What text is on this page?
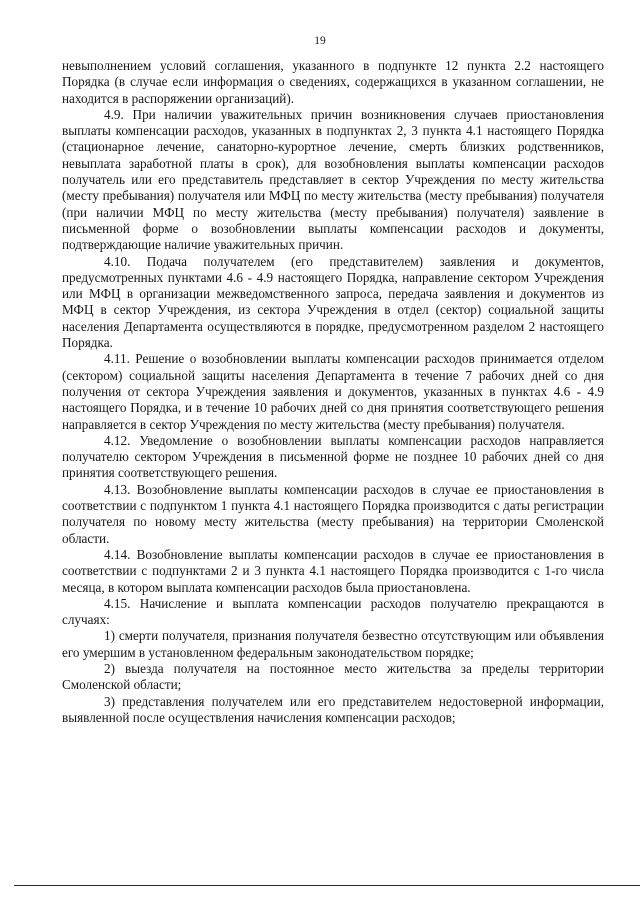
19

невыполнением условий соглашения, указанного в подпункте 12 пункта 2.2 настоящего Порядка (в случае если информация о сведениях, содержащихся в указанном соглашении, не находится в распоряжении организаций).

4.9. При наличии уважительных причин возникновения случаев приостановления выплаты компенсации расходов, указанных в подпунктах 2, 3 пункта 4.1 настоящего Порядка (стационарное лечение, санаторно-курортное лечение, смерть близких родственников, невыплата заработной платы в срок), для возобновления выплаты компенсации расходов получатель или его представитель представляет в сектор Учреждения по месту жительства (месту пребывания) получателя или МФЦ по месту жительства (месту пребывания) получателя (при наличии МФЦ по месту жительства (месту пребывания) получателя) заявление в письменной форме о возобновлении выплаты компенсации расходов и документы, подтверждающие наличие уважительных причин.

4.10. Подача получателем (его представителем) заявления и документов, предусмотренных пунктами 4.6 - 4.9 настоящего Порядка, направление сектором Учреждения или МФЦ в организации межведомственного запроса, передача заявления и документов из МФЦ в сектор Учреждения, из сектора Учреждения в отдел (сектор) социальной защиты населения Департамента осуществляются в порядке, предусмотренном разделом 2 настоящего Порядка.

4.11. Решение о возобновлении выплаты компенсации расходов принимается отделом (сектором) социальной защиты населения Департамента в течение 7 рабочих дней со дня получения от сектора Учреждения заявления и документов, указанных в пунктах 4.6 - 4.9 настоящего Порядка, и в течение 10 рабочих дней со дня принятия соответствующего решения направляется в сектор Учреждения по месту жительства (месту пребывания) получателя.

4.12. Уведомление о возобновлении выплаты компенсации расходов направляется получателю сектором Учреждения в письменной форме не позднее 10 рабочих дней со дня принятия соответствующего решения.

4.13. Возобновление выплаты компенсации расходов в случае ее приостановления в соответствии с подпунктом 1 пункта 4.1 настоящего Порядка производится с даты регистрации получателя по новому месту жительства (месту пребывания) на территории Смоленской области.

4.14. Возобновление выплаты компенсации расходов в случае ее приостановления в соответствии с подпунктами 2 и 3 пункта 4.1 настоящего Порядка производится с 1-го числа месяца, в котором выплата компенсации расходов была приостановлена.

4.15. Начисление и выплата компенсации расходов получателю прекращаются в случаях:

1) смерти получателя, признания получателя безвестно отсутствующим или объявления его умершим в установленном федеральным законодательством порядке;

2) выезда получателя на постоянное место жительства за пределы территории Смоленской области;

3) представления получателем или его представителем недостоверной информации, выявленной после осуществления начисления компенсации расходов;
